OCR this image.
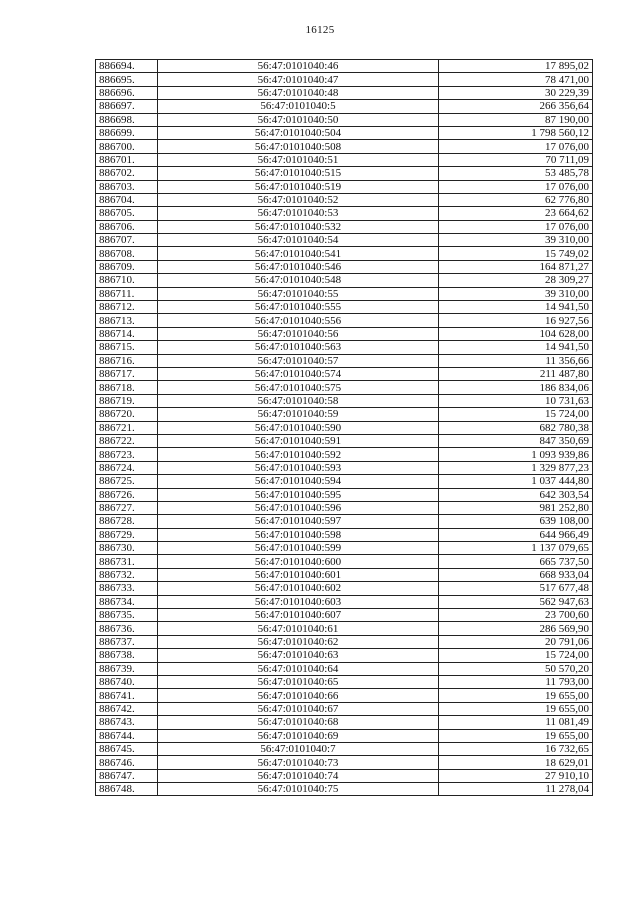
16125
886694.	56:47:0101040:46	17 895,02
886695.	56:47:0101040:47	78 471,00
886696.	56:47:0101040:48	30 229,39
886697.	56:47:0101040:5	266 356,64
886698.	56:47:0101040:50	87 190,00
886699.	56:47:0101040:504	1 798 560,12
886700.	56:47:0101040:508	17 076,00
886701.	56:47:0101040:51	70 711,09
886702.	56:47:0101040:515	53 485,78
886703.	56:47:0101040:519	17 076,00
886704.	56:47:0101040:52	62 776,80
886705.	56:47:0101040:53	23 664,62
886706.	56:47:0101040:532	17 076,00
886707.	56:47:0101040:54	39 310,00
886708.	56:47:0101040:541	15 749,02
886709.	56:47:0101040:546	164 871,27
886710.	56:47:0101040:548	28 309,27
886711.	56:47:0101040:55	39 310,00
886712.	56:47:0101040:555	14 941,50
886713.	56:47:0101040:556	16 927,56
886714.	56:47:0101040:56	104 628,00
886715.	56:47:0101040:563	14 941,50
886716.	56:47:0101040:57	11 356,66
886717.	56:47:0101040:574	211 487,80
886718.	56:47:0101040:575	186 834,06
886719.	56:47:0101040:58	10 731,63
886720.	56:47:0101040:59	15 724,00
886721.	56:47:0101040:590	682 780,38
886722.	56:47:0101040:591	847 350,69
886723.	56:47:0101040:592	1 093 939,86
886724.	56:47:0101040:593	1 329 877,23
886725.	56:47:0101040:594	1 037 444,80
886726.	56:47:0101040:595	642 303,54
886727.	56:47:0101040:596	981 252,80
886728.	56:47:0101040:597	639 108,00
886729.	56:47:0101040:598	644 966,49
886730.	56:47:0101040:599	1 137 079,65
886731.	56:47:0101040:600	665 737,50
886732.	56:47:0101040:601	668 933,04
886733.	56:47:0101040:602	517 677,48
886734.	56:47:0101040:603	562 947,63
886735.	56:47:0101040:607	23 700,60
886736.	56:47:0101040:61	286 569,90
886737.	56:47:0101040:62	20 791,06
886738.	56:47:0101040:63	15 724,00
886739.	56:47:0101040:64	50 570,20
886740.	56:47:0101040:65	11 793,00
886741.	56:47:0101040:66	19 655,00
886742.	56:47:0101040:67	19 655,00
886743.	56:47:0101040:68	11 081,49
886744.	56:47:0101040:69	19 655,00
886745.	56:47:0101040:7	16 732,65
886746.	56:47:0101040:73	18 629,01
886747.	56:47:0101040:74	27 910,10
886748.	56:47:0101040:75	11 278,04
